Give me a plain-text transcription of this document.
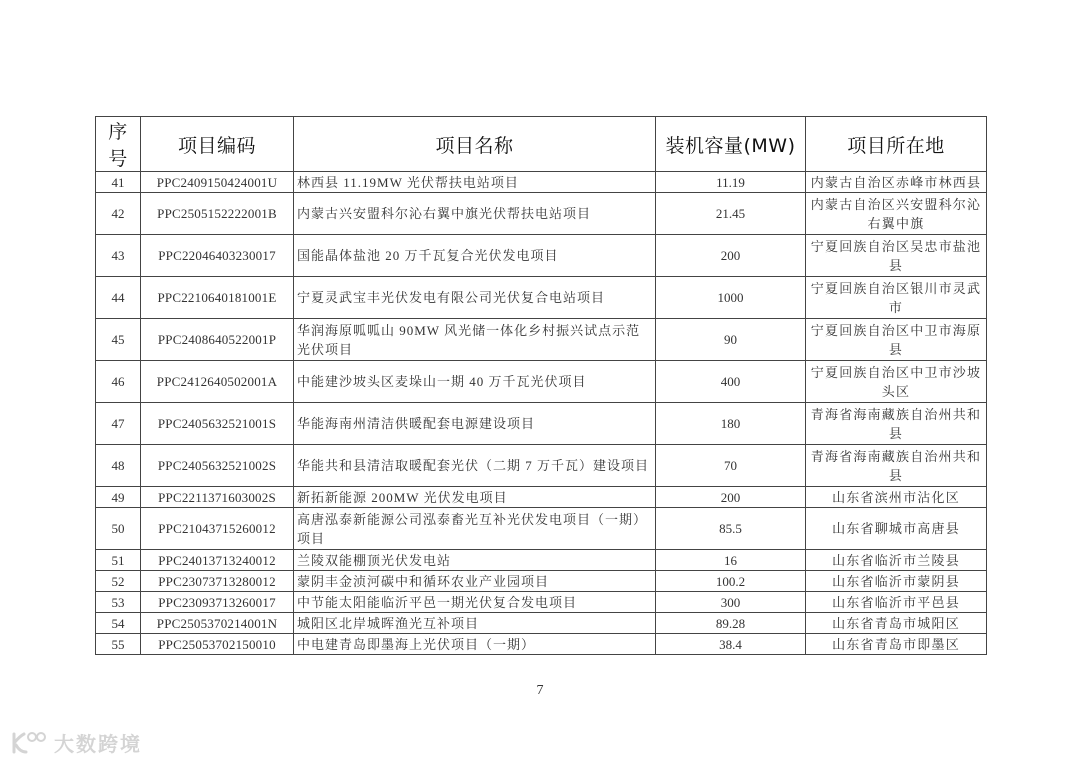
序号	项目编码	项目名称	装机容量(MW)	项目所在地
41	PPC2409150424001U	林西县 11.19MW 光伏帮扶电站项目	11.19	内蒙古自治区赤峰市林西县
42	PPC2505152222001B	内蒙古兴安盟科尔沁右翼中旗光伏帮扶电站项目	21.45	内蒙古自治区兴安盟科尔沁右翼中旗
43	PPC22046403230017	国能晶体盐池 20 万千瓦复合光伏发电项目	200	宁夏回族自治区吴忠市盐池县
44	PPC2210640181001E	宁夏灵武宝丰光伏发电有限公司光伏复合电站项目	1000	宁夏回族自治区银川市灵武市
45	PPC2408640522001P	华润海原呱呱山 90MW 风光储一体化乡村振兴试点示范光伏项目	90	宁夏回族自治区中卫市海原县
46	PPC2412640502001A	中能建沙坡头区麦垛山一期 40 万千瓦光伏项目	400	宁夏回族自治区中卫市沙坡头区
47	PPC2405632521001S	华能海南州清洁供暖配套电源建设项目	180	青海省海南藏族自治州共和县
48	PPC2405632521002S	华能共和县清洁取暖配套光伏（二期 7 万千瓦）建设项目	70	青海省海南藏族自治州共和县
49	PPC2211371603002S	新拓新能源 200MW 光伏发电项目	200	山东省滨州市沾化区
50	PPC21043715260012	高唐泓泰新能源公司泓泰畜光互补光伏发电项目（一期）项目	85.5	山东省聊城市高唐县
51	PPC24013713240012	兰陵双能棚顶光伏发电站	16	山东省临沂市兰陵县
52	PPC23073713280012	蒙阴丰金浈河碳中和循环农业产业园项目	100.2	山东省临沂市蒙阴县
53	PPC23093713260017	中节能太阳能临沂平邑一期光伏复合发电项目	300	山东省临沂市平邑县
54	PPC2505370214001N	城阳区北岸城晖渔光互补项目	89.28	山东省青岛市城阳区
55	PPC25053702150010	中电建青岛即墨海上光伏项目（一期）	38.4	山东省青岛市即墨区
7
大数跨境
